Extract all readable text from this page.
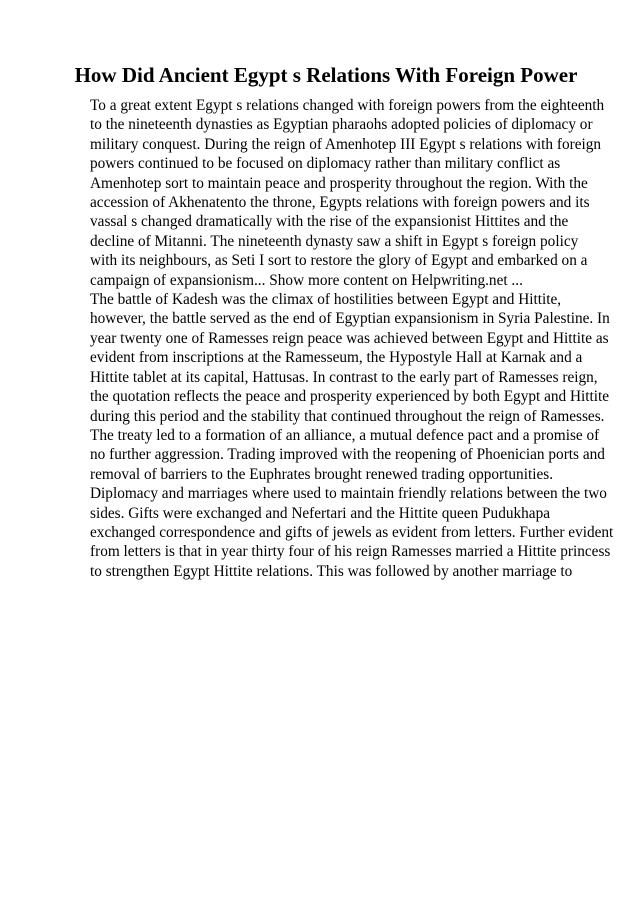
How Did Ancient Egypt s Relations With Foreign Power
To a great extent Egypt s relations changed with foreign powers from the eighteenth
to the nineteenth dynasties as Egyptian pharaohs adopted policies of diplomacy or
military conquest. During the reign of Amenhotep III Egypt s relations with foreign
powers continued to be focused on diplomacy rather than military conflict as
Amenhotep sort to maintain peace and prosperity throughout the region. With the
accession of Akhenatento the throne, Egypts relations with foreign powers and its
vassal s changed dramatically with the rise of the expansionist Hittites and the
decline of Mitanni. The nineteenth dynasty saw a shift in Egypt s foreign policy
with its neighbours, as Seti I sort to restore the glory of Egypt and embarked on a
campaign of expansionism... Show more content on Helpwriting.net ...
The battle of Kadesh was the climax of hostilities between Egypt and Hittite,
however, the battle served as the end of Egyptian expansionism in Syria Palestine. In
year twenty one of Ramesses reign peace was achieved between Egypt and Hittite as
evident from inscriptions at the Ramesseum, the Hypostyle Hall at Karnak and a
Hittite tablet at its capital, Hattusas. In contrast to the early part of Ramesses reign,
the quotation reflects the peace and prosperity experienced by both Egypt and Hittite
during this period and the stability that continued throughout the reign of Ramesses.
The treaty led to a formation of an alliance, a mutual defence pact and a promise of
no further aggression. Trading improved with the reopening of Phoenician ports and
removal of barriers to the Euphrates brought renewed trading opportunities.
Diplomacy and marriages where used to maintain friendly relations between the two
sides. Gifts were exchanged and Nefertari and the Hittite queen Pudukhapa
exchanged correspondence and gifts of jewels as evident from letters. Further evident
from letters is that in year thirty four of his reign Ramesses married a Hittite princess
to strengthen Egypt Hittite relations. This was followed by another marriage to
